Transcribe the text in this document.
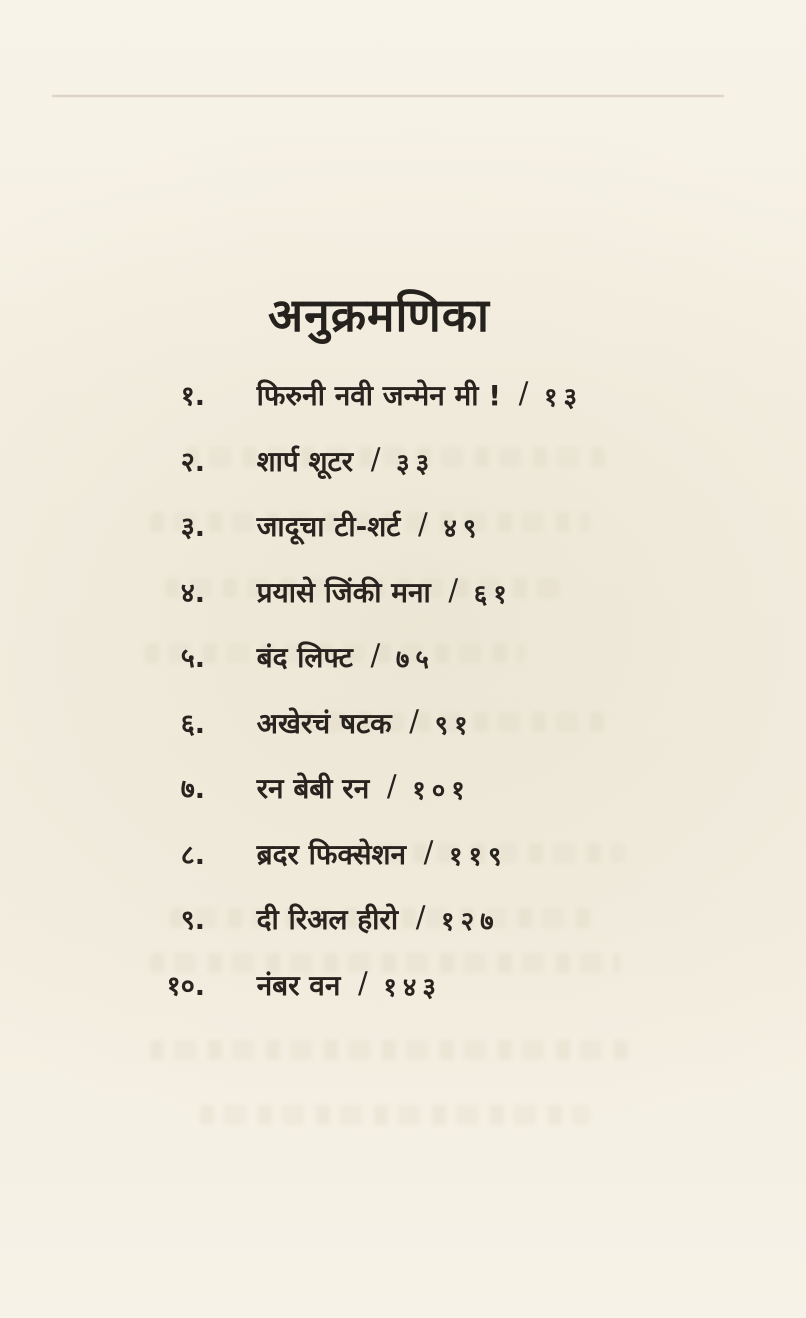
अनुक्रमणिका
१. फिरुनी नवी जन्मेन मी ! / १३
२. शार्प शूटर / ३३
३. जादूचा टी-शर्ट / ४९
४. प्रयासे जिंकी मना / ६१
५. बंद लिफ्ट / ७५
६. अखेरचं षटक / ९१
७. रन बेबी रन / १०१
८. ब्रदर फिक्सेशन / ११९
९. दी रिअल हीरो / १२७
१०. नंबर वन / १४३
